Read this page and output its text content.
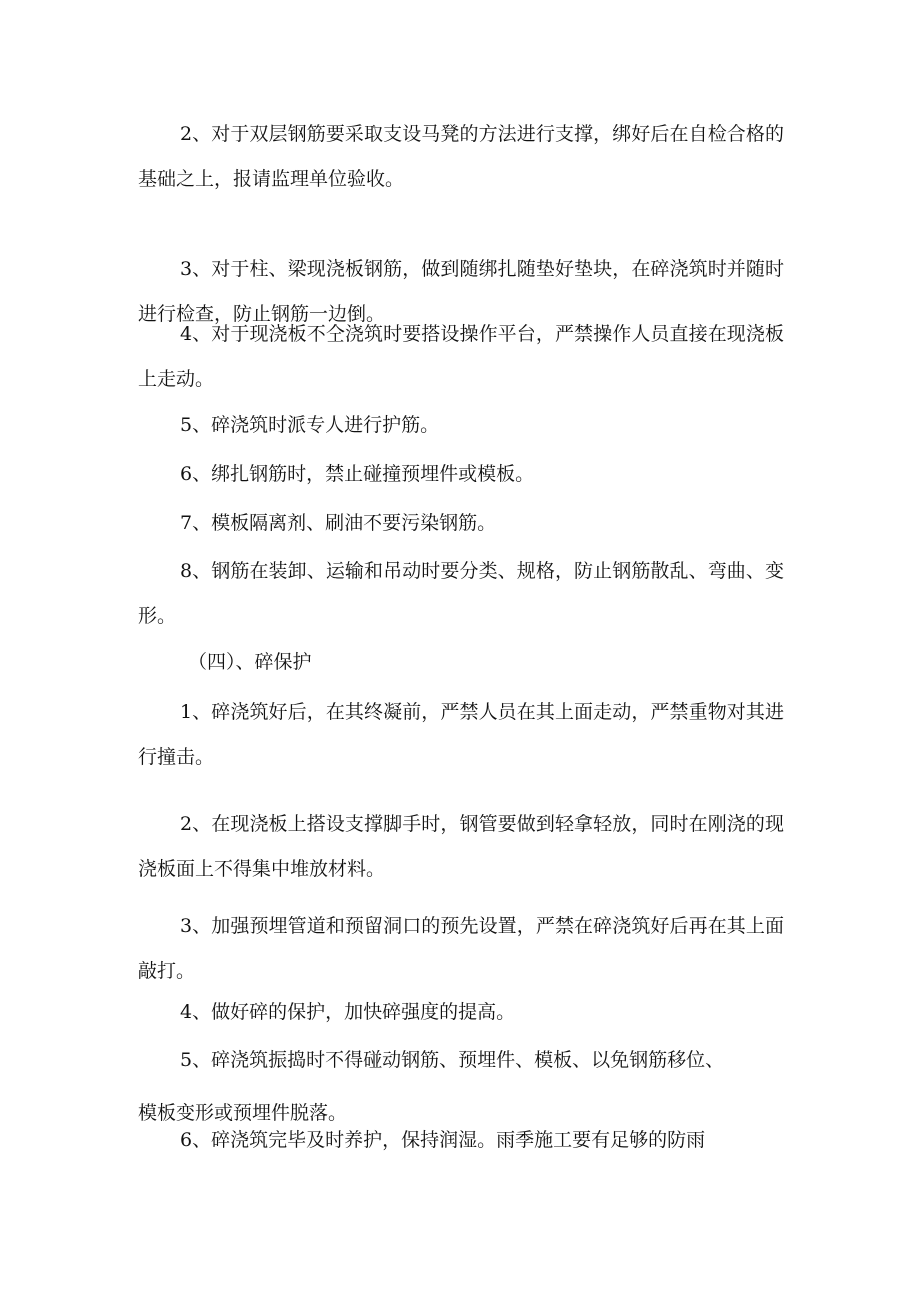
2、对于双层钢筋要采取支设马凳的方法进行支撑，绑好后在自检合格的基础之上，报请监理单位验收。

3、对于柱、梁现浇板钢筋，做到随绑扎随垫好垫块，在碎浇筑时并随时进行检查，防止钢筋一边倒。

4、对于现浇板不仝浇筑时要搭设操作平台，严禁操作人员直接在现浇板上走动。

5、碎浇筑时派专人进行护筋。

6、绑扎钢筋时，禁止碰撞预埋件或模板。

7、模板隔离剂、刷油不要污染钢筋。

8、钢筋在装卸、运输和吊动时要分类、规格，防止钢筋散乱、弯曲、变形。

（四）、碎保护

1、碎浇筑好后，在其终凝前，严禁人员在其上面走动，严禁重物对其进行撞击。

2、在现浇板上搭设支撑脚手时，钢管要做到轻拿轻放，同时在刚浇的现浇板面上不得集中堆放材料。

3、加强预埋管道和预留洞口的预先设置，严禁在碎浇筑好后再在其上面敲打。

4、做好碎的保护，加快碎强度的提高。

5、碎浇筑振捣时不得碰动钢筋、预埋件、模板、以免钢筋移位、

模板变形或预埋件脱落。

6、碎浇筑完毕及时养护，保持润湿。雨季施工要有足够的防雨
